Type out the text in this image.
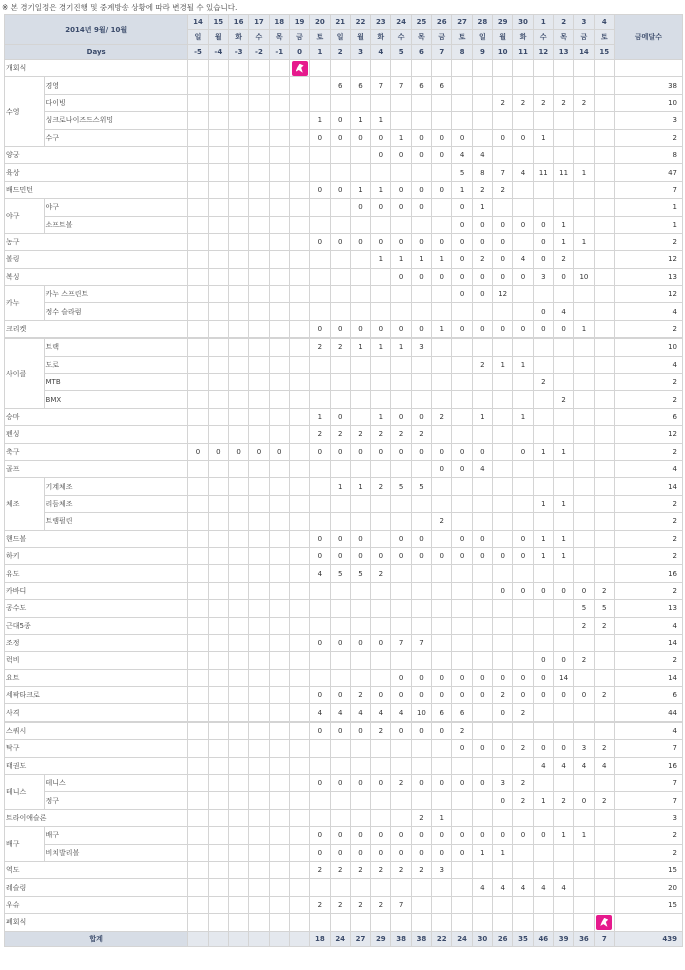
※ 본 경기일정은 경기진행 및 중계방송 상황에 따라 변경될 수 있습니다.
2014년 9월/ 10월		14	15	16	17	18	19	20	21	22	23	24	25	26	27	28	29	30	1	2	3	4	금메달수
		일	월	화	수	목	금	토	일	월	화	수	목	금	토	일	월	화	수	목	금	토	
Days		-5	-4	-3	-2	-1	0	1	2	3	4	5	6	7	8	9	10	11	12	13	14	15	
개회식																							
수영	경영								6	6	7	7	6	6									38
	다이빙																2	2	2	2	2		10
	싱크로나이즈드스위밍							1	0	1	1												3
	수구							0	0	0	0	1	0	0	0		0	0	1				2
양궁											0	0	0	0	4	4							8
육상															5	8	7	4	11	11	1		47
배드민턴								0	0	1	1	0	0	0	1	2	2						7
야구	야구									0	0	0	0		0	1							1
	소프트볼														0	0	0	0	0	1			1
농구								0	0	0	0	0	0	0	0	0	0		0	1	1		2
볼링											1	1	1	1	0	2	0	4	0	2			12
복싱												0	0	0	0	0	0	0	3	0	10		13
카누	카누 스프린트														0	0	12						12
	정수 슬라럼																		0	4			4
크리켓								0	0	0	0	0	0	1	0	0	0	0	0	0	1		2

사이클	트랙							2	2	1	1	1	3										10
	도로															2	1	1					4
	MTB																		2				2
	BMX																			2			2
승마								1	0		1	0	0	2		1		1					6
펜싱								2	2	2	2	2	2										12
축구		0	0	0	0	0		0	0	0	0	0	0	0	0	0		0	1	1			2
골프														0	0	4							4
체조	기계체조								1	1	2	5	5										14
	리듬체조																		1	1			2
	트램펄린													2									2
핸드볼								0	0	0		0	0		0	0		0	1	1			2
하키								0	0	0	0	0	0	0	0	0	0	0	1	1			2
유도								4	5	5	2												16
카바디																	0	0	0	0	0	2	2
공수도																					5	5	13
근대5종																					2	2	4
조정								0	0	0	0	7	7										14
럭비																			0	0	2		2
요트												0	0	0	0	0	0	0	0	14			14
세팍타크로								0	0	2	0	0	0	0	0	0	2	0	0	0	0	2	6
사격								4	4	4	4	4	10	6	6		0	2					44

스쿼시								0	0	0	2	0	0	0	2								4
탁구															0	0	0	2	0	0	3	2	7
태권도																			4	4	4	4	16
테니스	테니스							0	0	0	0	2	0	0	0	0	3	2					7
	정구																0	2	1	2	0	2	7
트라이애슬론													2	1									3
배구	배구							0	0	0	0	0	0	0	0	0	0	0	0	1	1		2
	비치발리볼							0	0	0	0	0	0	0	0	1	1						2
역도								2	2	2	2	2	2	3									15
레슬링																4	4	4	4	4			20
우슈								2	2	2	2	7											15
폐회식																							
합계								18	24	27	29	38	38	22	24	30	26	35	46	39	36	7	439
